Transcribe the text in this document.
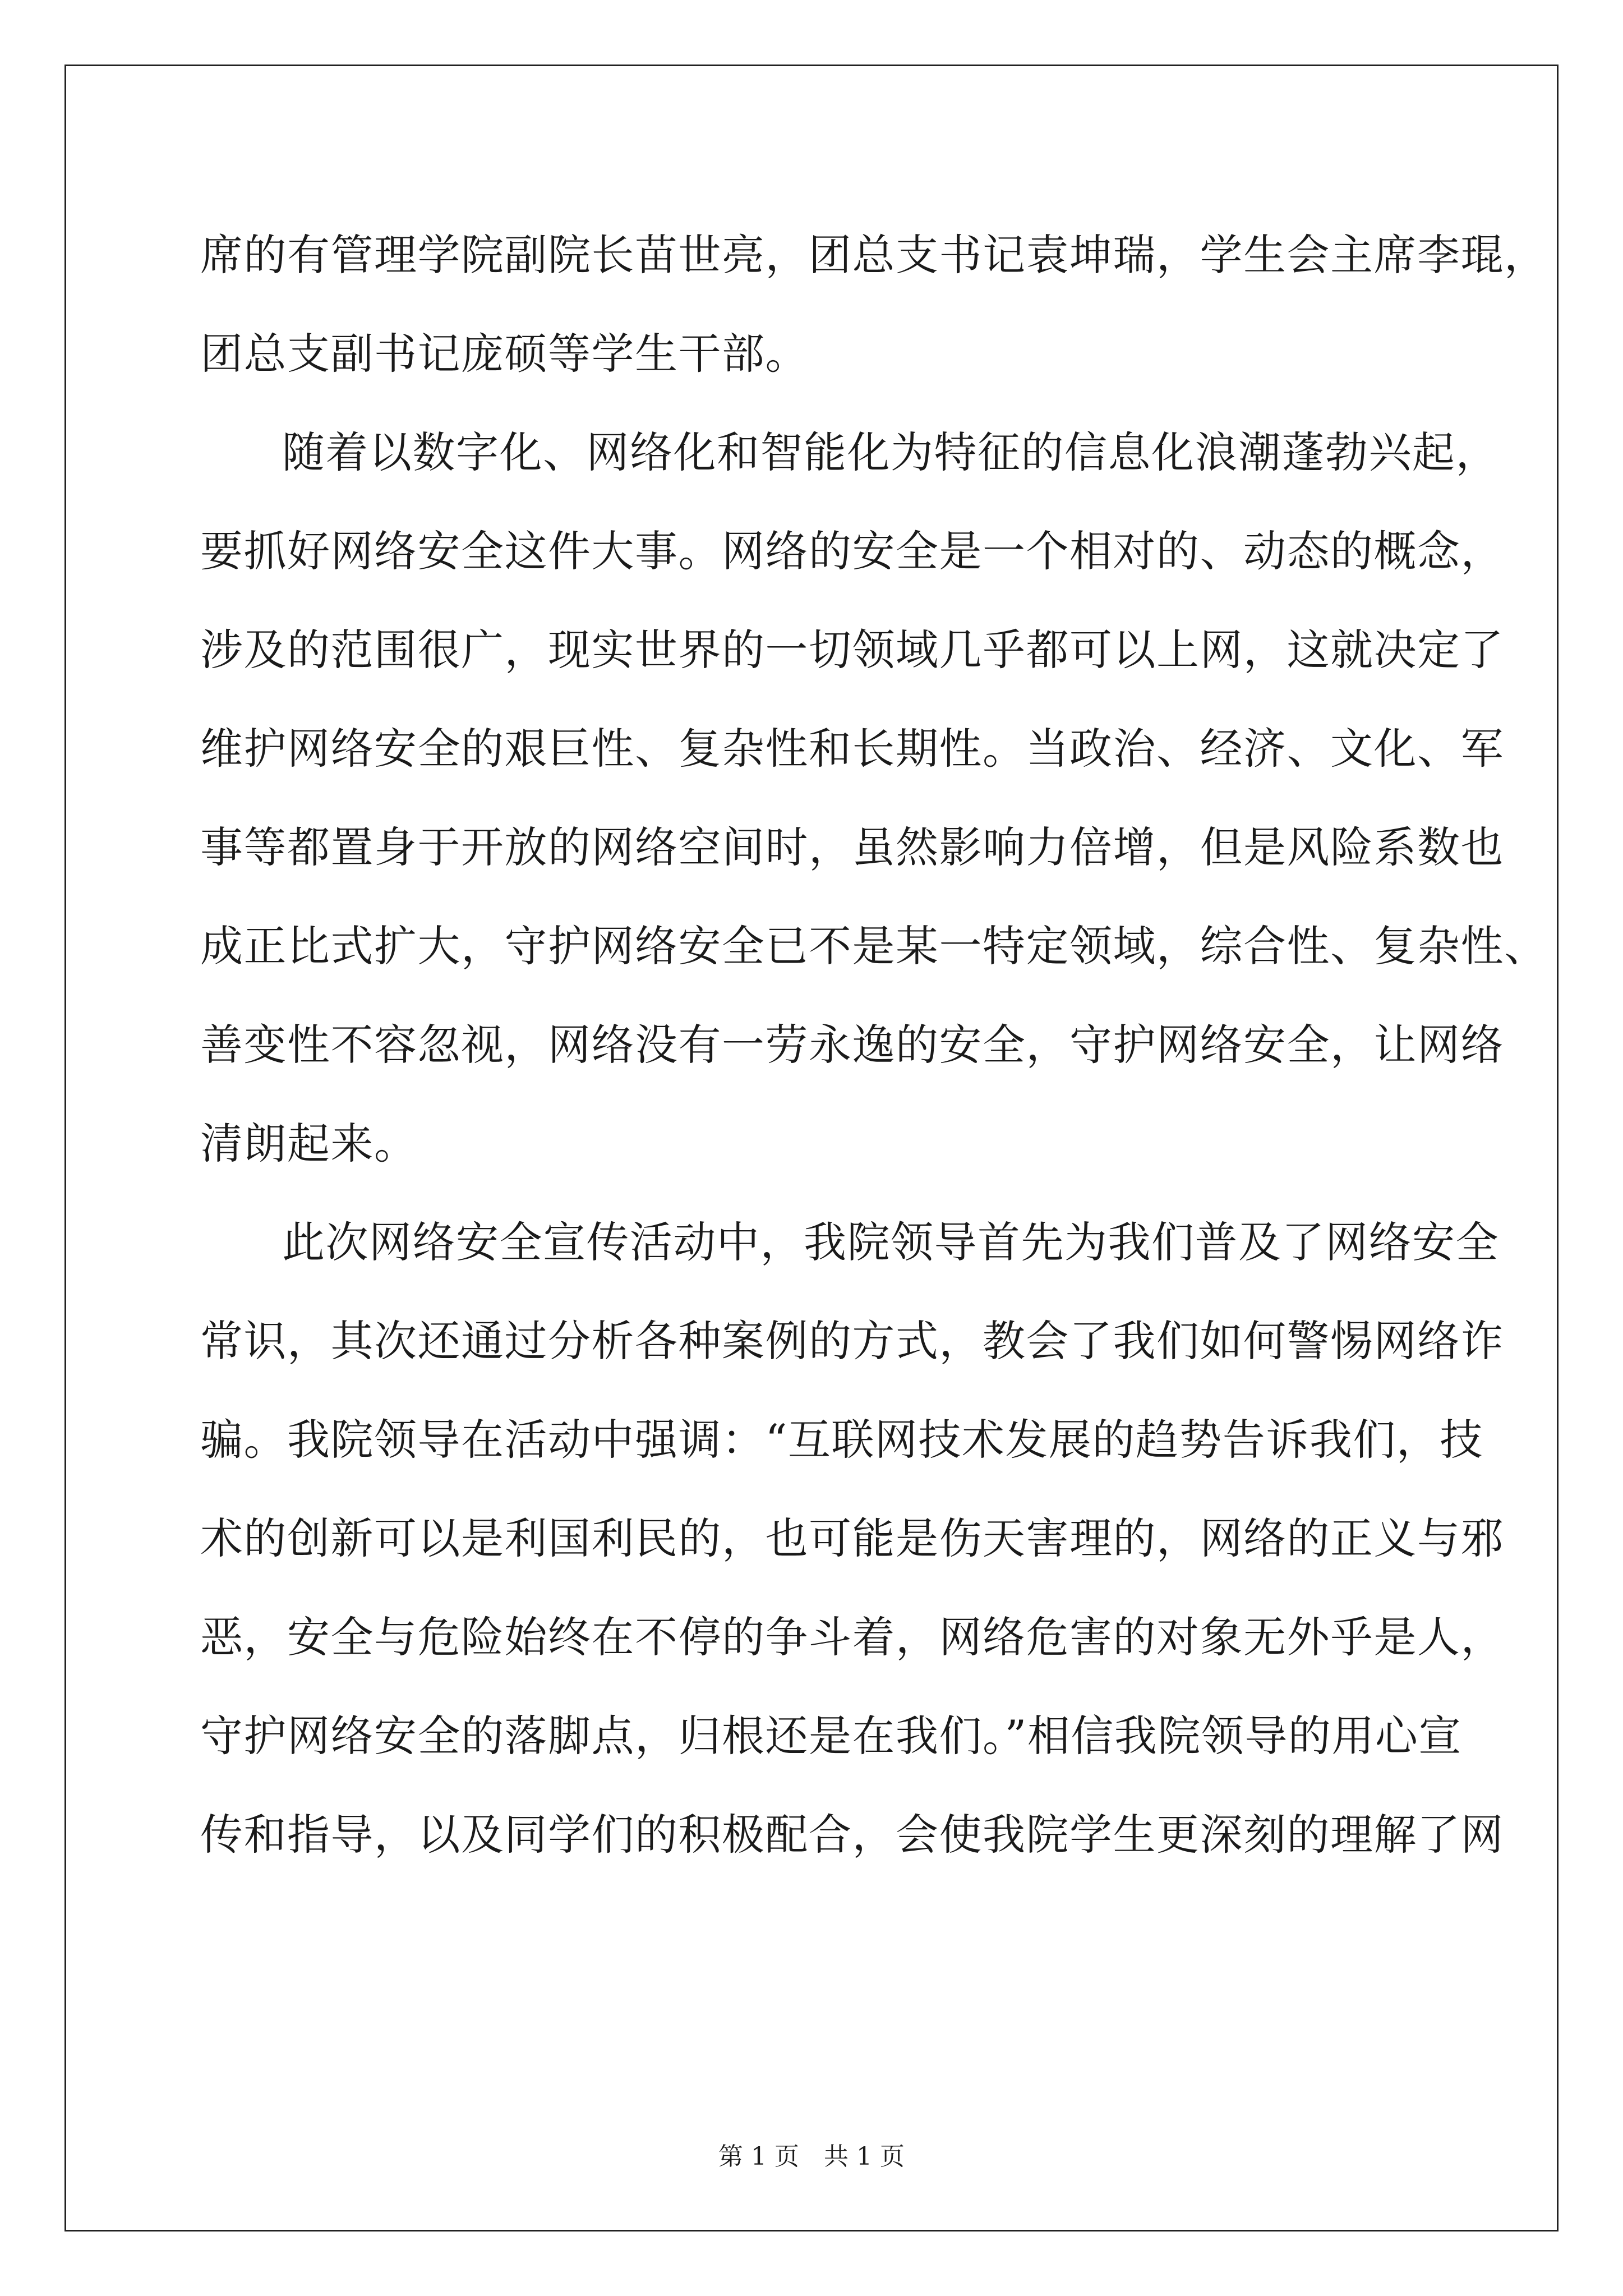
席的有管理学院副院长苗世亮，团总支书记袁坤瑞，学生会主席李琨，
团总支副书记庞硕等学生干部。
随着以数字化、网络化和智能化为特征的信息化浪潮蓬勃兴起，
要抓好网络安全这件大事。网络的安全是一个相对的、动态的概念，
涉及的范围很广，现实世界的一切领域几乎都可以上网，这就决定了
维护网络安全的艰巨性、复杂性和长期性。当政治、经济、文化、军
事等都置身于开放的网络空间时，虽然影响力倍增，但是风险系数也
成正比式扩大，守护网络安全已不是某一特定领域，综合性、复杂性、
善变性不容忽视，网络没有一劳永逸的安全，守护网络安全，让网络
清朗起来。
此次网络安全宣传活动中，我院领导首先为我们普及了网络安全
常识，其次还通过分析各种案例的方式，教会了我们如何警惕网络诈
骗。我院领导在活动中强调：“互联网技术发展的趋势告诉我们，技
术的创新可以是利国利民的，也可能是伤天害理的，网络的正义与邪
恶，安全与危险始终在不停的争斗着，网络危害的对象无外乎是人，
守护网络安全的落脚点，归根还是在我们。”相信我院领导的用心宣
传和指导，以及同学们的积极配合，会使我院学生更深刻的理解了网
第 1 页　共 1 页
